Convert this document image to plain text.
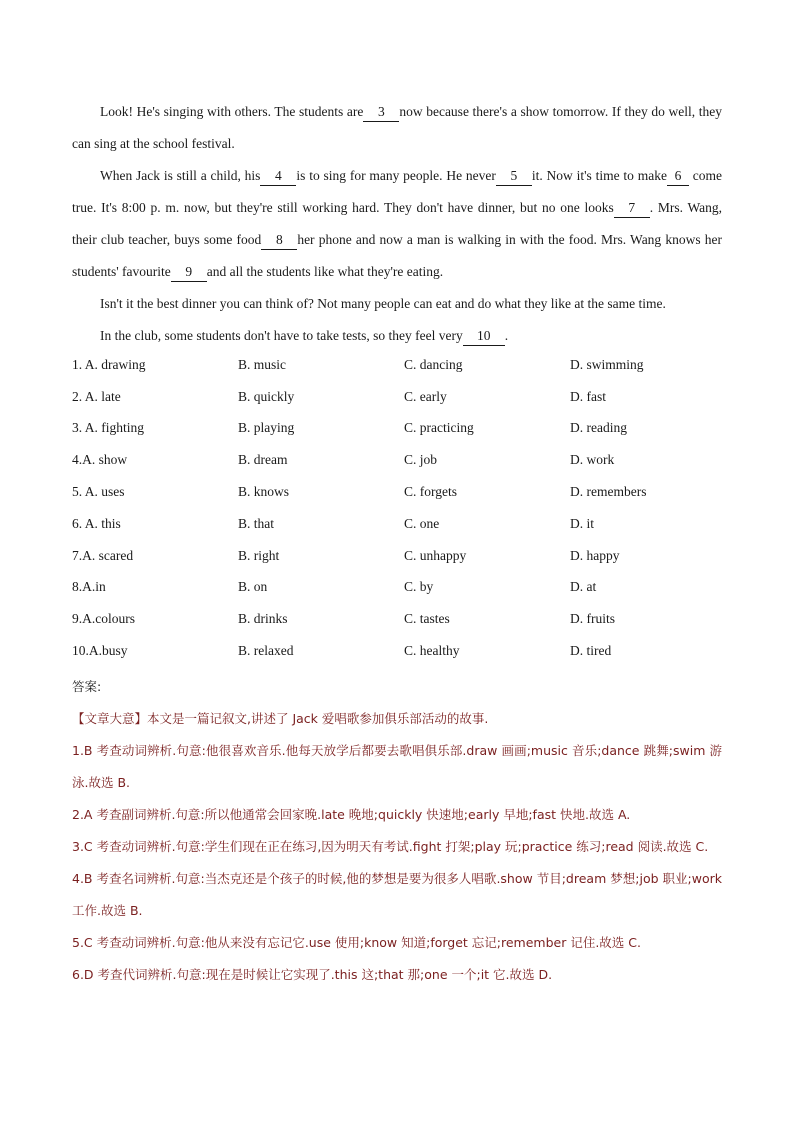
Look! He's singing with others. The students are 3 now because there's a show tomorrow. If they do well, they can sing at the school festival.

When Jack is still a child, his 4 is to sing for many people. He never 5 it. Now it's time to make 6 come true. It's 8:00 p. m. now, but they're still working hard. They don't have dinner, but no one looks 7 . Mrs. Wang, their club teacher, buys some food 8 her phone and now a man is walking in with the food. Mrs. Wang knows her students' favourite 9 and all the students like what they're eating.

Isn't it the best dinner you can think of? Not many people can eat and do what they like at the same time.

In the club, some students don't have to take tests, so they feel very 10 .

1. A. drawing	B. music	C. dancing	D. swimming
2. A. late	B. quickly	C. early	D. fast
3. A. fighting	B. playing	C. practicing	D. reading
4.A. show	B. dream	C. job	D. work
5. A. uses	B. knows	C. forgets	D. remembers
6. A. this	B. that	C. one	D. it
7.A. scared	B. right	C. unhappy	D. happy
8.A.in	B. on	C. by	D. at
9.A.colours	B. drinks	C. tastes	D. fruits
10.A.busy	B. relaxed	C. healthy	D. tired

答案:

【文章大意】本文是一篇记叙文,讲述了 Jack 爱唱歌参加俱乐部活动的故事.

1.B 考查动词辨析.句意:他很喜欢音乐.他每天放学后都要去歌唱俱乐部.draw 画画;music 音乐;dance 跳舞;swim 游泳.故选 B.

2.A 考查副词辨析.句意:所以他通常会回家晚.late 晚地;quickly 快速地;early 早地;fast 快地.故选 A.

3.C 考查动词辨析.句意:学生们现在正在练习,因为明天有考试.fight 打架;play 玩;practice 练习;read 阅读.故选 C.

4.B 考查名词辨析.句意:当杰克还是个孩子的时候,他的梦想是要为很多人唱歌.show 节目;dream 梦想;job 职业;work 工作.故选 B.

5.C 考查动词辨析.句意:他从来没有忘记它.use 使用;know 知道;forget 忘记;remember 记住.故选 C.

6.D 考查代词辨析.句意:现在是时候让它实现了.this 这;that 那;one 一个;it 它.故选 D.
